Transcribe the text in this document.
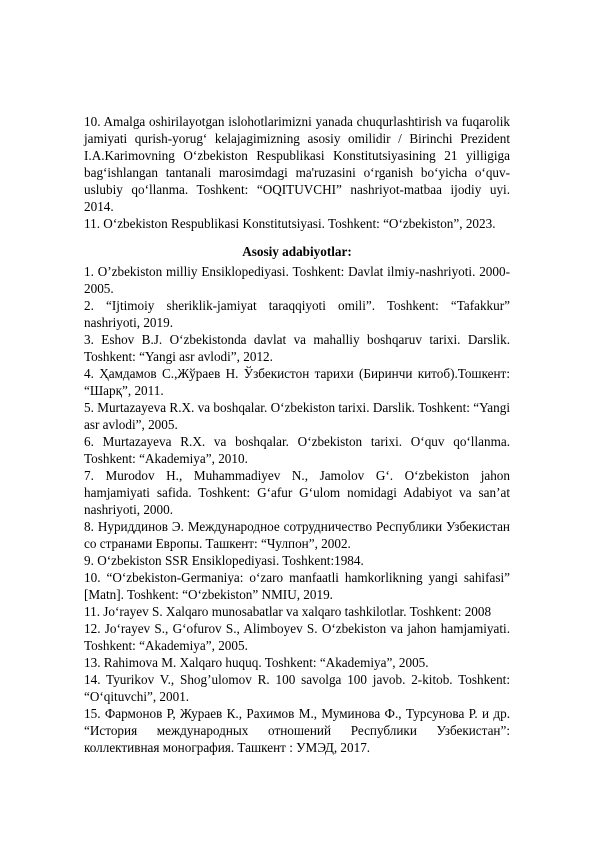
10. Amalga oshirilayotgan islohotlarimizni yanada chuqurlashtirish va fuqarolik jamiyati qurish-yorug‘ kelajagimizning asosiy omilidir / Birinchi Prezident I.A.Karimovning O‘zbekiston Respublikasi Konstitutsiyasining 21 yilligiga bag‘ishlangan tantanali marosimdagi ma'ruzasini o‘rganish bo‘yicha o‘quv-uslubiy qo‘llanma. Toshkent: “OQITUVCHI” nashriyot-matbaa ijodiy uyi. 2014.

11. O‘zbekiston Respublikasi Konstitutsiyasi. Toshkent: “O‘zbekiston”, 2023.

Asosiy adabiyotlar:

1. O’zbekiston milliy Ensiklopediyasi. Toshkent: Davlat ilmiy-nashriyoti. 2000-2005.

2. “Ijtimoiy sheriklik-jamiyat taraqqiyoti omili”. Toshkent: “Tafakkur” nashriyoti, 2019.

3. Eshov B.J. O‘zbekistonda davlat va mahalliy boshqaruv tarixi. Darslik. Toshkent: “Yangi asr avlodi”, 2012.

4. Ҳамдамов С.,Жўраев Н. Ўзбекистон тарихи (Биринчи китоб).Тошкент: “Шарқ”, 2011.

5. Murtazayeva R.X. va boshqalar. O‘zbekiston tarixi. Darslik. Toshkent: “Yangi asr avlodi”, 2005.

6. Murtazayeva R.X. va boshqalar. O‘zbekiston tarixi. O‘quv qo‘llanma. Toshkent: “Akademiya”, 2010.

7. Murodov H., Muhammadiyev N., Jamolov G‘. O‘zbekiston jahon hamjamiyati safida. Toshkent: G‘afur G‘ulom nomidagi Adabiyot va san’at nashriyoti, 2000.

8. Нуриддинов Э. Международное сотрудничество Республики Узбекистан со странами Европы. Ташкент: “Чулпон”, 2002.

9. O‘zbekiston SSR Ensiklopediyasi. Toshkent:1984.

10. “O‘zbekiston-Germaniya: o‘zaro manfaatli hamkorlikning yangi sahifasi” [Matn]. Toshkent: “O‘zbekiston” NMIU, 2019.

11. Jo‘rayev S. Xalqaro munosabatlar va xalqaro tashkilotlar. Toshkent: 2008

12. Jo‘rayev S., G‘ofurov S., Alimboyev S. O‘zbekiston va jahon hamjamiyati. Toshkent: “Akademiya”, 2005.

13. Rahimova M. Xalqaro huquq. Toshkent: “Akademiya”, 2005.

14. Tyurikov V., Shog’ulomov R. 100 savolga 100 javob. 2-kitob. Toshkent: “O‘qituvchi”, 2001.

15. Фармонов Р, Жураев К., Рахимов М., Муминова Ф., Турсунова Р. и др. “История международных отношений Республики Узбекистан”: коллективная монография. Ташкент : УМЭД, 2017.
